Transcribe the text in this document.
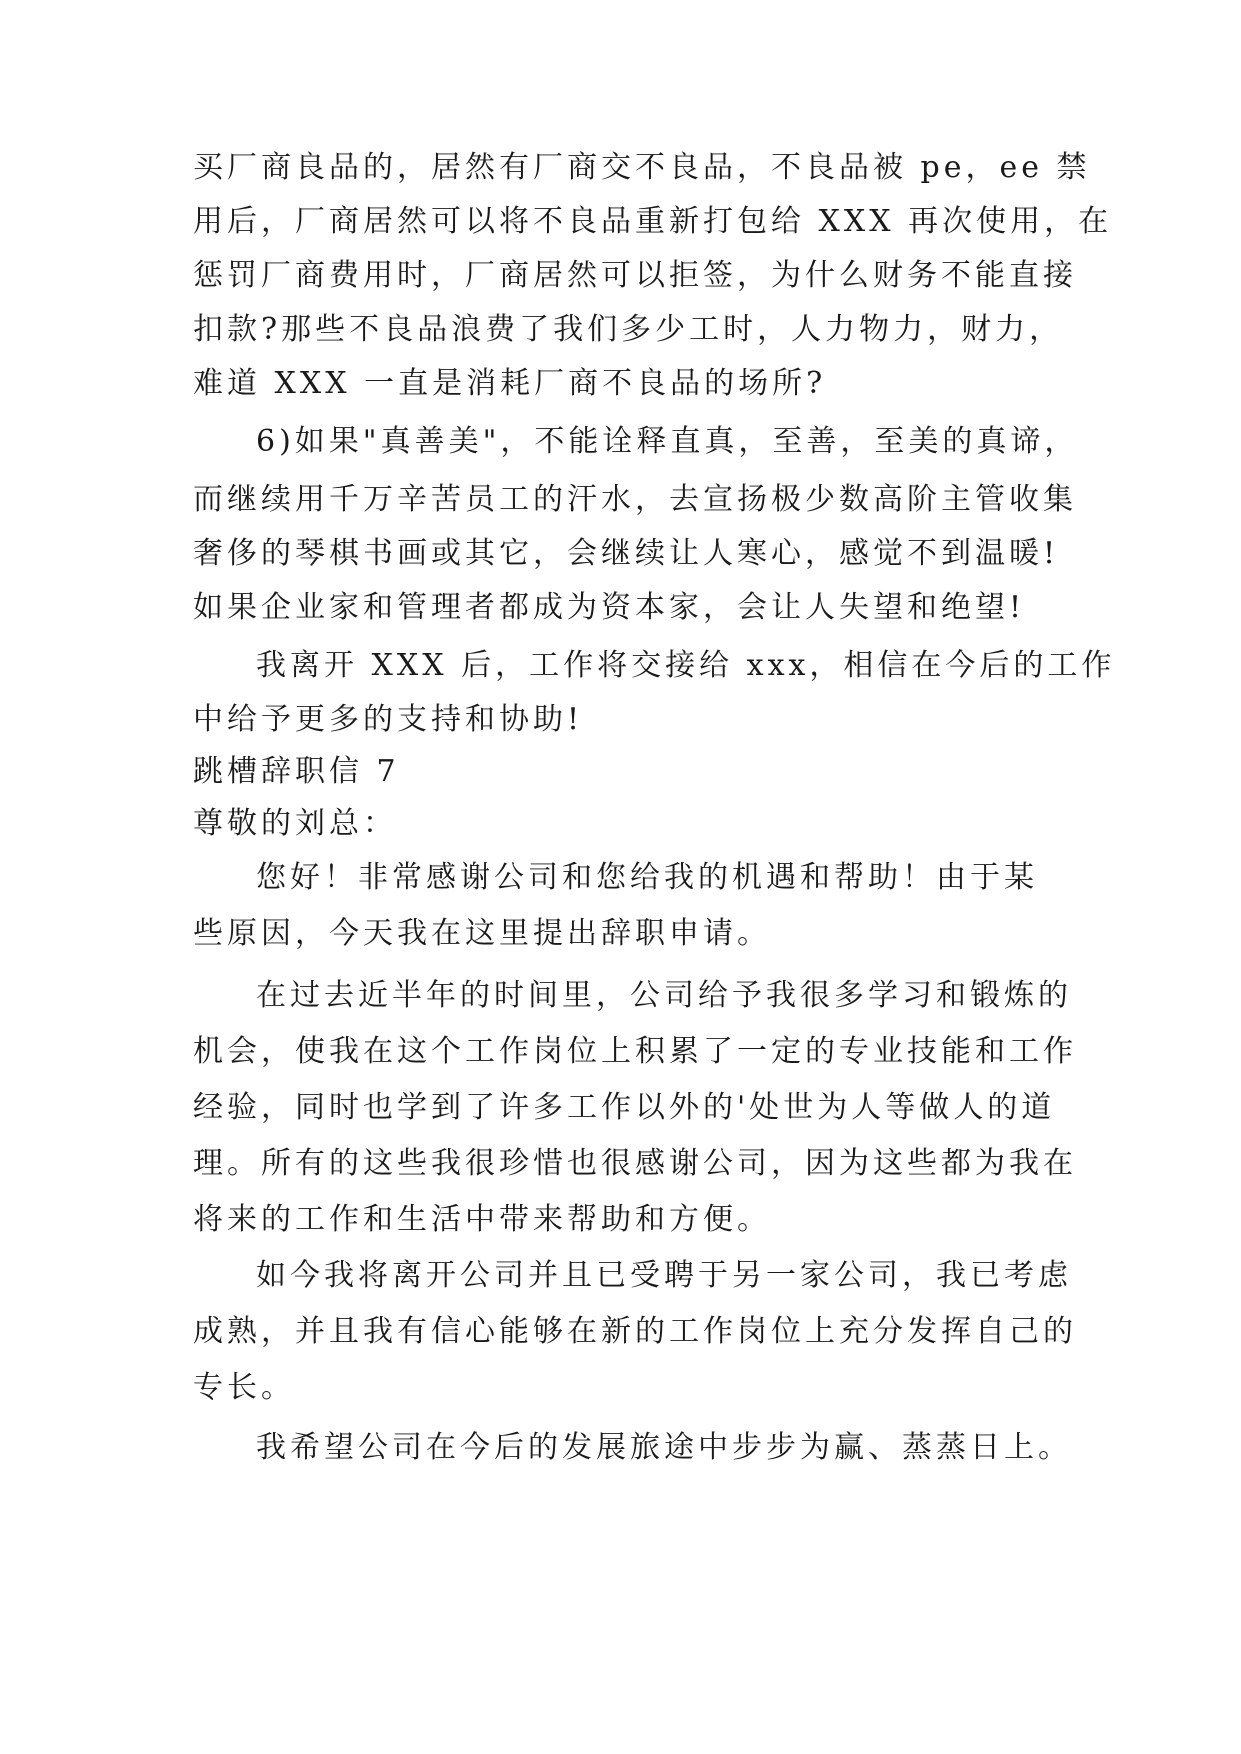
买厂商良品的，居然有厂商交不良品，不良品被 pe，ee 禁
用后，厂商居然可以将不良品重新打包给 XXX 再次使用，在
惩罚厂商费用时，厂商居然可以拒签，为什么财务不能直接
扣款?那些不良品浪费了我们多少工时，人力物力，财力，
难道 XXX 一直是消耗厂商不良品的场所?
6)如果"真善美"，不能诠释直真，至善，至美的真谛，
而继续用千万辛苦员工的汗水，去宣扬极少数高阶主管收集
奢侈的琴棋书画或其它，会继续让人寒心，感觉不到温暖!
如果企业家和管理者都成为资本家，会让人失望和绝望!
我离开 XXX 后，工作将交接给 xxx，相信在今后的工作
中给予更多的支持和协助!
跳槽辞职信 7
尊敬的刘总：
您好！非常感谢公司和您给我的机遇和帮助！由于某
些原因，今天我在这里提出辞职申请。
在过去近半年的时间里，公司给予我很多学习和锻炼的
机会，使我在这个工作岗位上积累了一定的专业技能和工作
经验，同时也学到了许多工作以外的'处世为人等做人的道
理。所有的这些我很珍惜也很感谢公司，因为这些都为我在
将来的工作和生活中带来帮助和方便。
如今我将离开公司并且已受聘于另一家公司，我已考虑
成熟，并且我有信心能够在新的工作岗位上充分发挥自己的
专长。
我希望公司在今后的发展旅途中步步为赢、蒸蒸日上。
